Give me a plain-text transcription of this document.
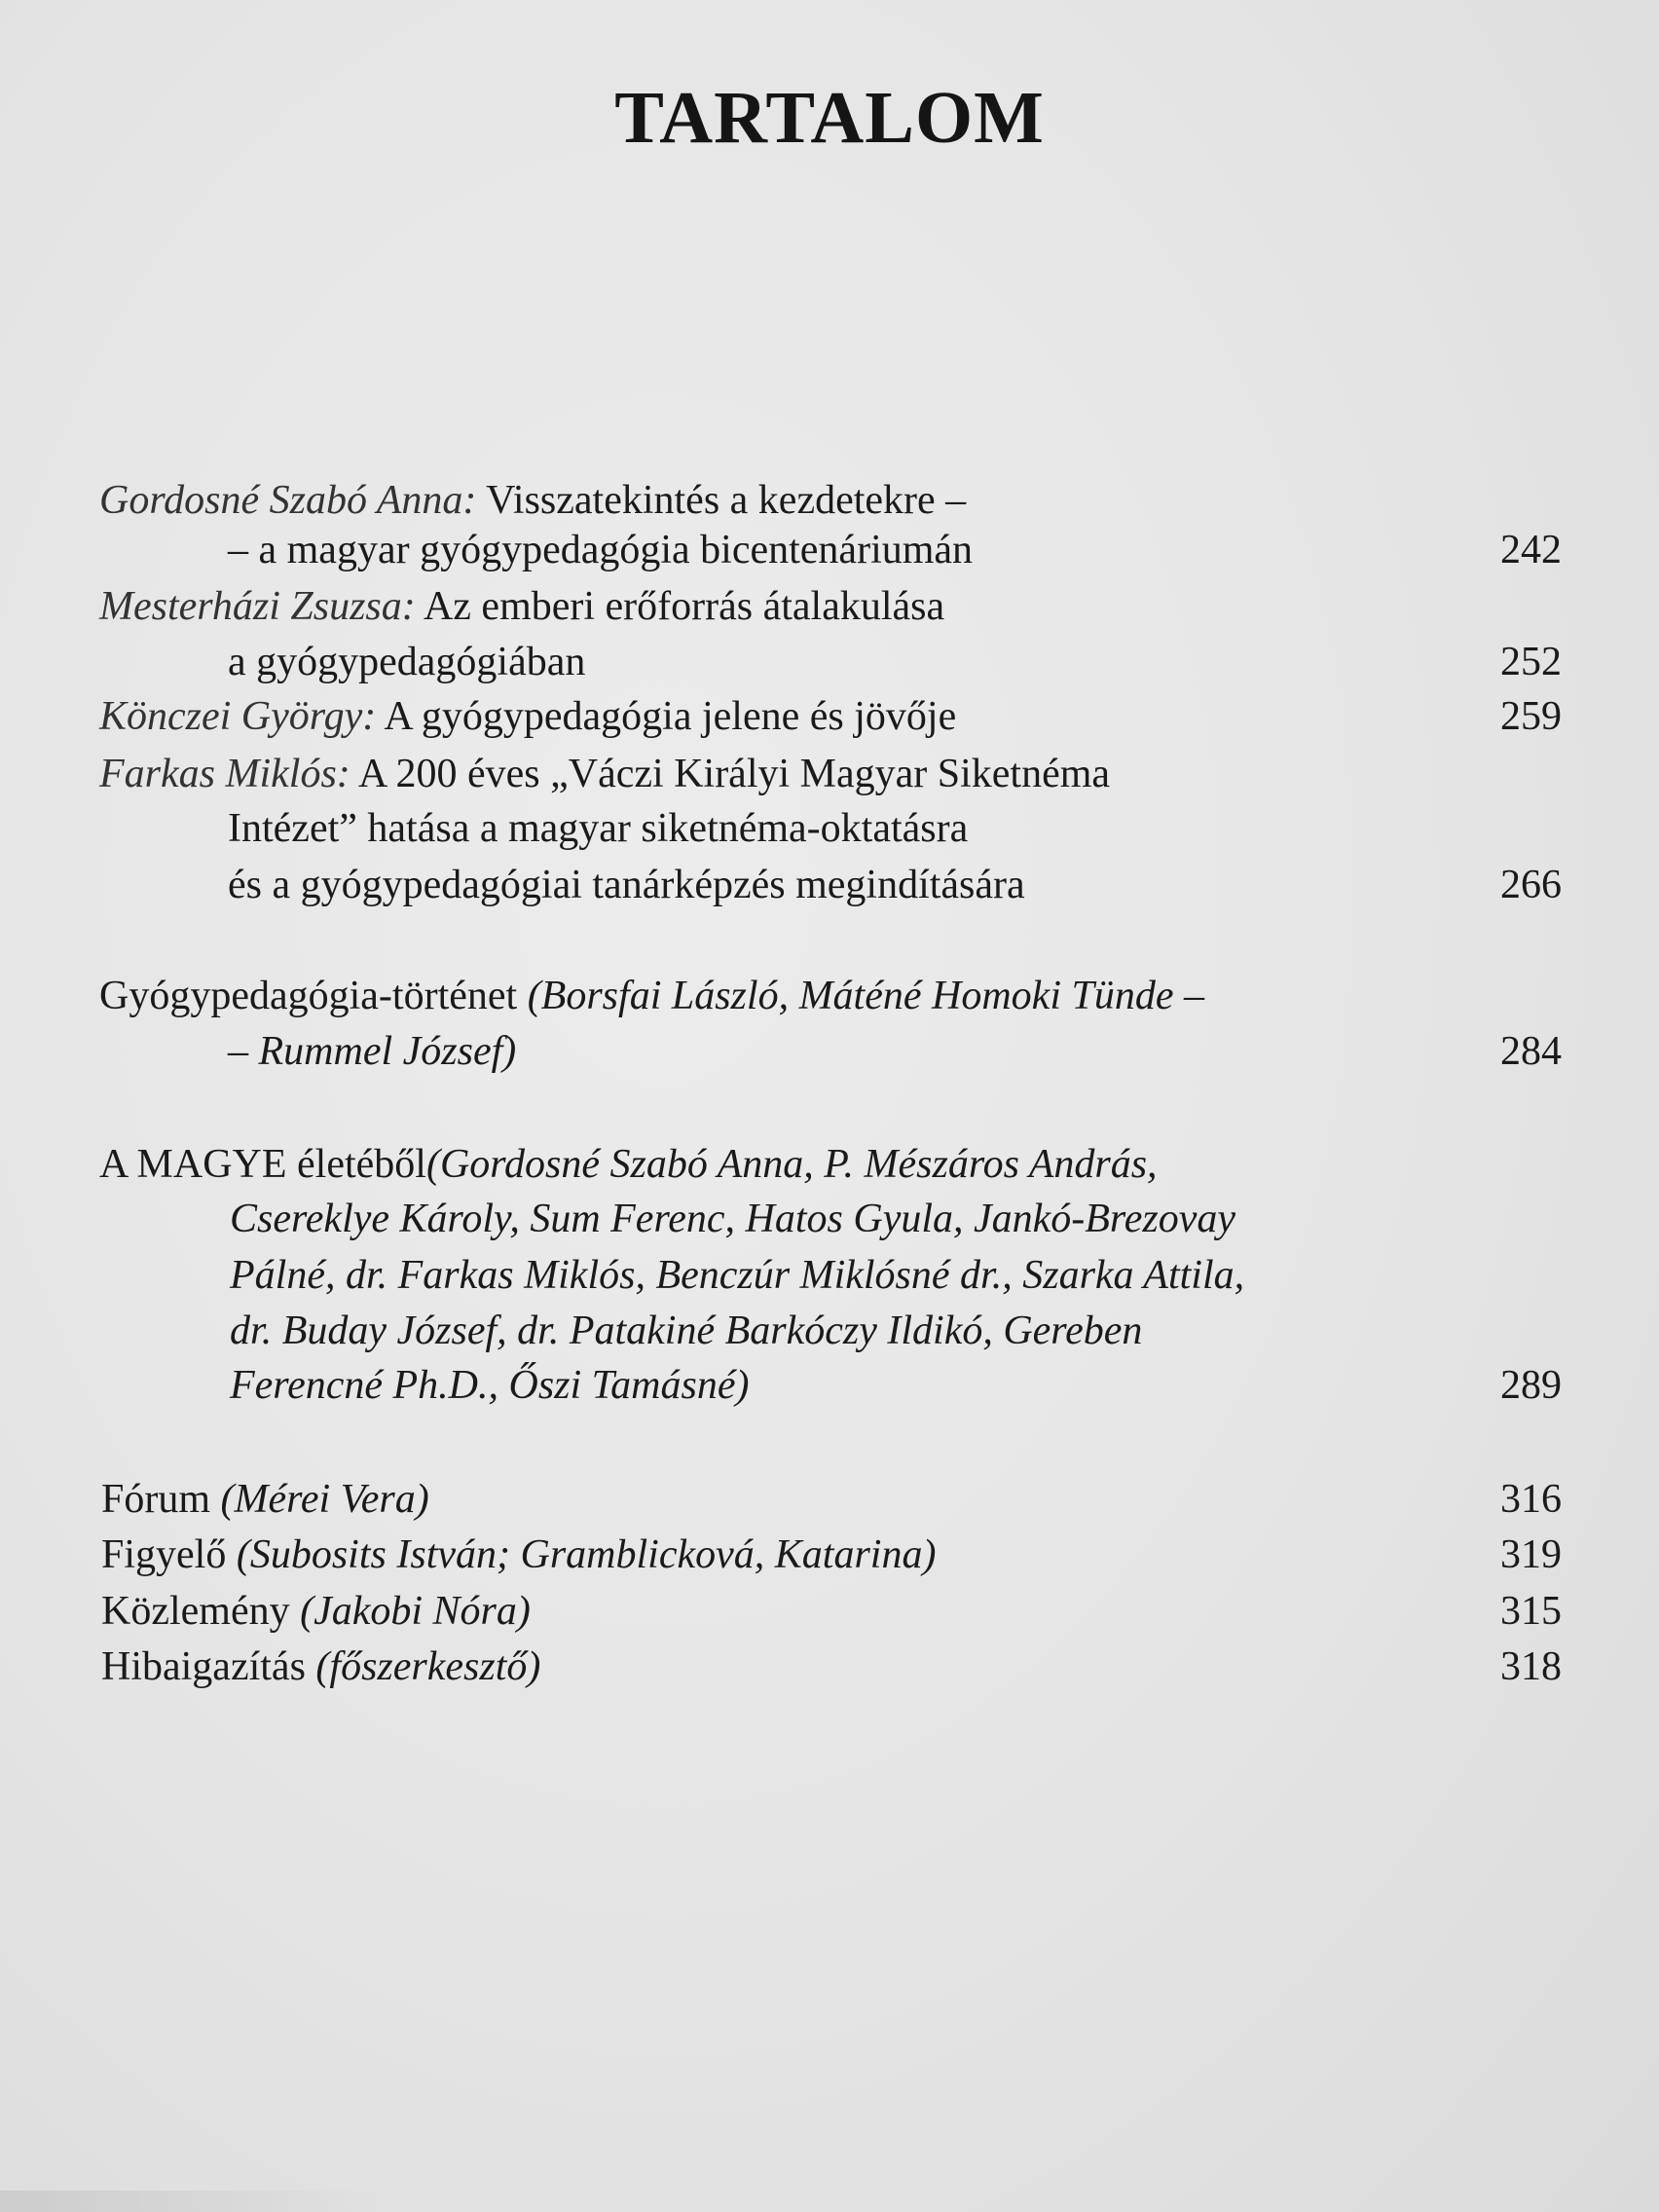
TARTALOM
Gordosné Szabó Anna: Visszatekintés a kezdetekre –
– a magyar gyógypedagógia bicentenáriumán	242
Mesterházi Zsuzsa: Az emberi erőforrás átalakulása
a gyógypedagógiában	252
Könczei György: A gyógypedagógia jelene és jövője	259
Farkas Miklós: A 200 éves „Váczi Királyi Magyar Siketnéma
Intézet” hatása a magyar siketnéma-oktatásra
és a gyógypedagógiai tanárképzés megindítására	266
Gyógypedagógia-történet (Borsfai László, Máténé Homoki Tünde –
– Rummel József)	284
A MAGYE életéből(Gordosné Szabó Anna, P. Mészáros András,
Csereklye Károly, Sum Ferenc, Hatos Gyula, Jankó-Brezovay
Pálné, dr. Farkas Miklós, Benczúr Miklósné dr., Szarka Attila,
dr. Buday József, dr. Patakiné Barkóczy Ildikó, Gereben
Ferencné Ph.D., Őszi Tamásné)	289
Fórum (Mérei Vera)	316
Figyelő (Subosits István; Gramblicková, Katarina)	319
Közlemény (Jakobi Nóra)	315
Hibaigazítás (főszerkesztő)	318
